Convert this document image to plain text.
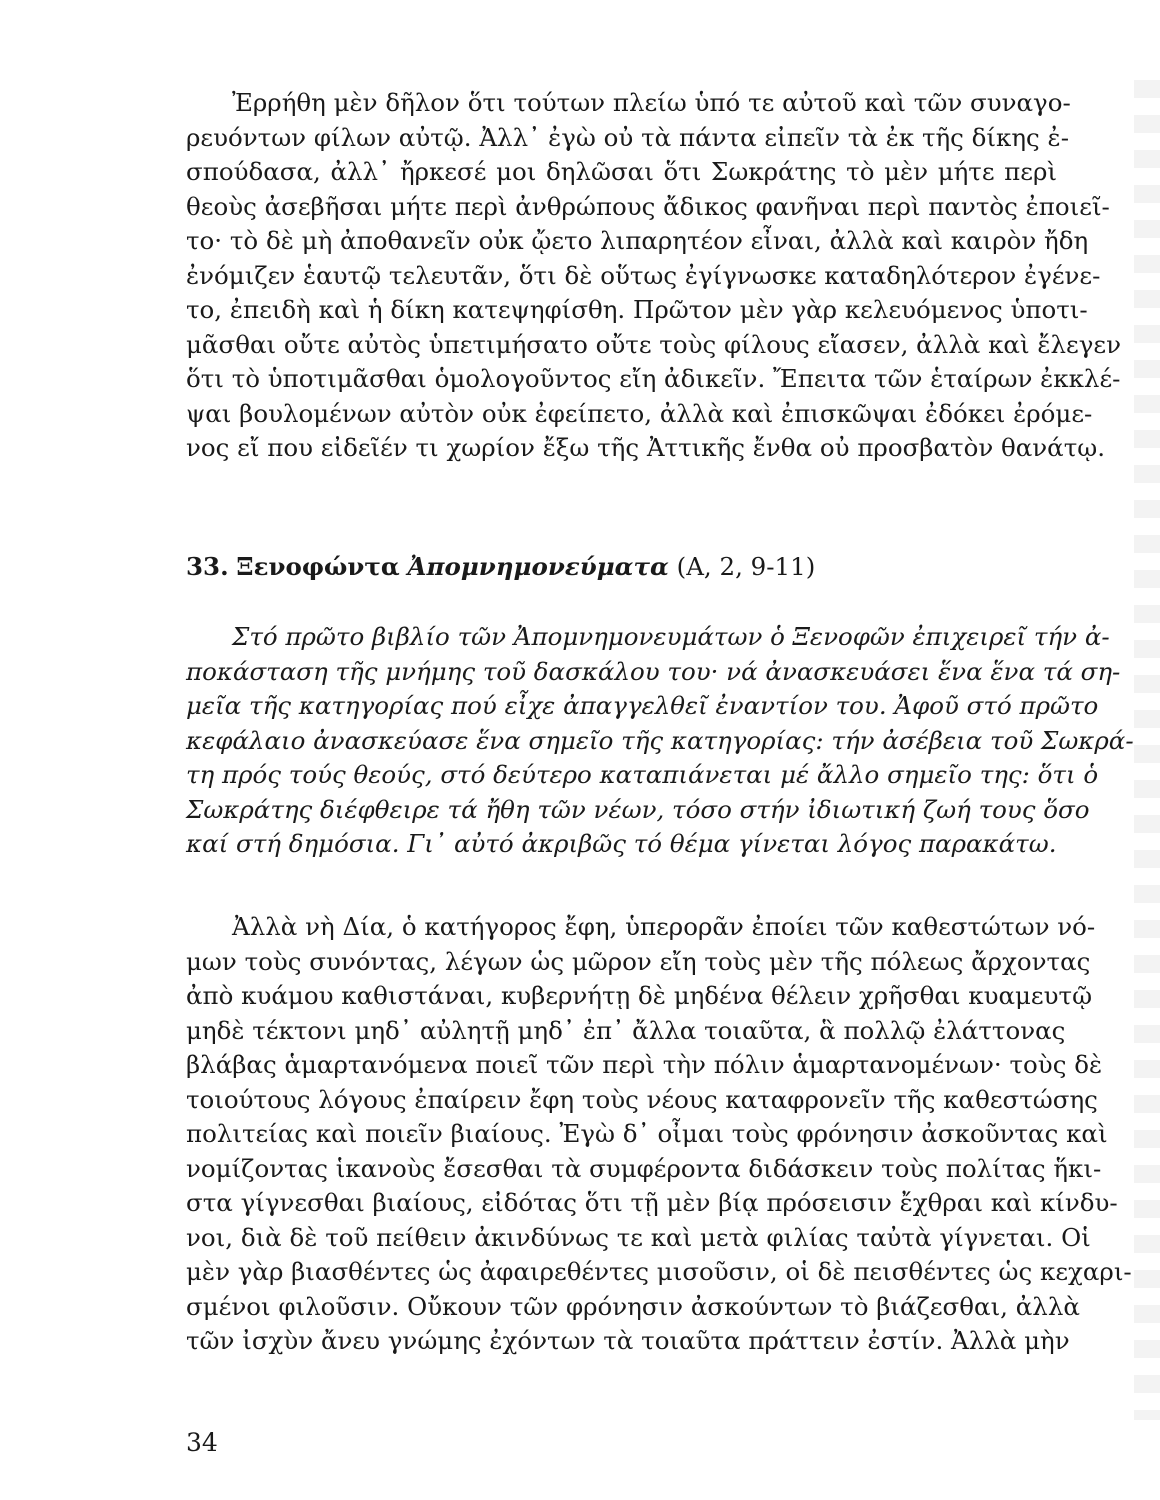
Ἐρρήθη μὲν δῆλον ὅτι τούτων πλείω ὑπό τε αὐτοῦ καὶ τῶν συναγο-
ρευόντων φίλων αὐτῷ. Ἀλλ᾽ ἐγὼ οὐ τὰ πάντα εἰπεῖν τὰ ἐκ τῆς δίκης ἐ-
σπούδασα, ἀλλ᾽ ἤρκεσέ μοι δηλῶσαι ὅτι Σωκράτης τὸ μὲν μήτε περὶ
θεοὺς ἀσεβῆσαι μήτε περὶ ἀνθρώπους ἄδικος φανῆναι περὶ παντὸς ἐποιεῖ-
το· τὸ δὲ μὴ ἀποθανεῖν οὐκ ᾤετο λιπαρητέον εἶναι, ἀλλὰ καὶ καιρὸν ἤδη
ἐνόμιζεν ἑαυτῷ τελευτᾶν, ὅτι δὲ οὕτως ἐγίγνωσκε καταδηλότερον ἐγένε-
το, ἐπειδὴ καὶ ἡ δίκη κατεψηφίσθη. Πρῶτον μὲν γὰρ κελευόμενος ὑποτι-
μᾶσθαι οὔτε αὐτὸς ὑπετιμήσατο οὔτε τοὺς φίλους εἴασεν, ἀλλὰ καὶ ἔλεγεν
ὅτι τὸ ὑποτιμᾶσθαι ὁμολογοῦντος εἴη ἀδικεῖν. Ἔπειτα τῶν ἑταίρων ἐκκλέ-
ψαι βουλομένων αὐτὸν οὐκ ἐφείπετο, ἀλλὰ καὶ ἐπισκῶψαι ἐδόκει ἐρόμε-
νος εἴ που εἰδεῖέν τι χωρίον ἔξω τῆς Ἀττικῆς ἔνθα οὐ προσβατὸν θανάτῳ.
33. Ξενοφώντα Ἀπομνημονεύματα (Α, 2, 9-11)
Στό πρῶτο βιβλίο τῶν Ἀπομνημονευμάτων ὁ Ξενοφῶν ἐπιχειρεῖ τήν ἀ-
ποκάσταση τῆς μνήμης τοῦ δασκάλου του· νά ἀνασκευάσει ἕνα ἕνα τά ση-
μεῖα τῆς κατηγορίας πού εἶχε ἀπαγγελθεῖ ἐναντίον του. Ἀφοῦ στό πρῶτο
κεφάλαιο ἀνασκεύασε ἕνα σημεῖο τῆς κατηγορίας: τήν ἀσέβεια τοῦ Σωκρά-
τη πρός τούς θεούς, στό δεύτερο καταπιάνεται μέ ἄλλο σημεῖο της: ὅτι ὁ
Σωκράτης διέφθειρε τά ἤθη τῶν νέων, τόσο στήν ἰδιωτική ζωή τους ὅσο
καί στή δημόσια. Γι᾽ αὐτό ἀκριβῶς τό θέμα γίνεται λόγος παρακάτω.
Ἀλλὰ νὴ Δία, ὁ κατήγορος ἔφη, ὑπερορᾶν ἐποίει τῶν καθεστώτων νό-
μων τοὺς συνόντας, λέγων ὡς μῶρον εἴη τοὺς μὲν τῆς πόλεως ἄρχοντας
ἀπὸ κυάμου καθιστάναι, κυβερνήτῃ δὲ μηδένα θέλειν χρῆσθαι κυαμευτῷ
μηδὲ τέκτονι μηδ᾽ αὐλητῇ μηδ᾽ ἐπ᾽ ἄλλα τοιαῦτα, ἃ πολλῷ ἐλάττονας
βλάβας ἁμαρτανόμενα ποιεῖ τῶν περὶ τὴν πόλιν ἁμαρτανομένων· τοὺς δὲ
τοιούτους λόγους ἐπαίρειν ἔφη τοὺς νέους καταφρονεῖν τῆς καθεστώσης
πολιτείας καὶ ποιεῖν βιαίους. Ἐγὼ δ᾽ οἶμαι τοὺς φρόνησιν ἀσκοῦντας καὶ
νομίζοντας ἱκανοὺς ἔσεσθαι τὰ συμφέροντα διδάσκειν τοὺς πολίτας ἥκι-
στα γίγνεσθαι βιαίους, εἰδότας ὅτι τῇ μὲν βίᾳ πρόσεισιν ἔχθραι καὶ κίνδυ-
νοι, διὰ δὲ τοῦ πείθειν ἀκινδύνως τε καὶ μετὰ φιλίας ταὐτὰ γίγνεται. Οἱ
μὲν γὰρ βιασθέντες ὡς ἀφαιρεθέντες μισοῦσιν, οἱ δὲ πεισθέντες ὡς κεχαρι-
σμένοι φιλοῦσιν. Οὔκουν τῶν φρόνησιν ἀσκούντων τὸ βιάζεσθαι, ἀλλὰ
τῶν ἰσχὺν ἄνευ γνώμης ἐχόντων τὰ τοιαῦτα πράττειν ἐστίν. Ἀλλὰ μὴν
34
